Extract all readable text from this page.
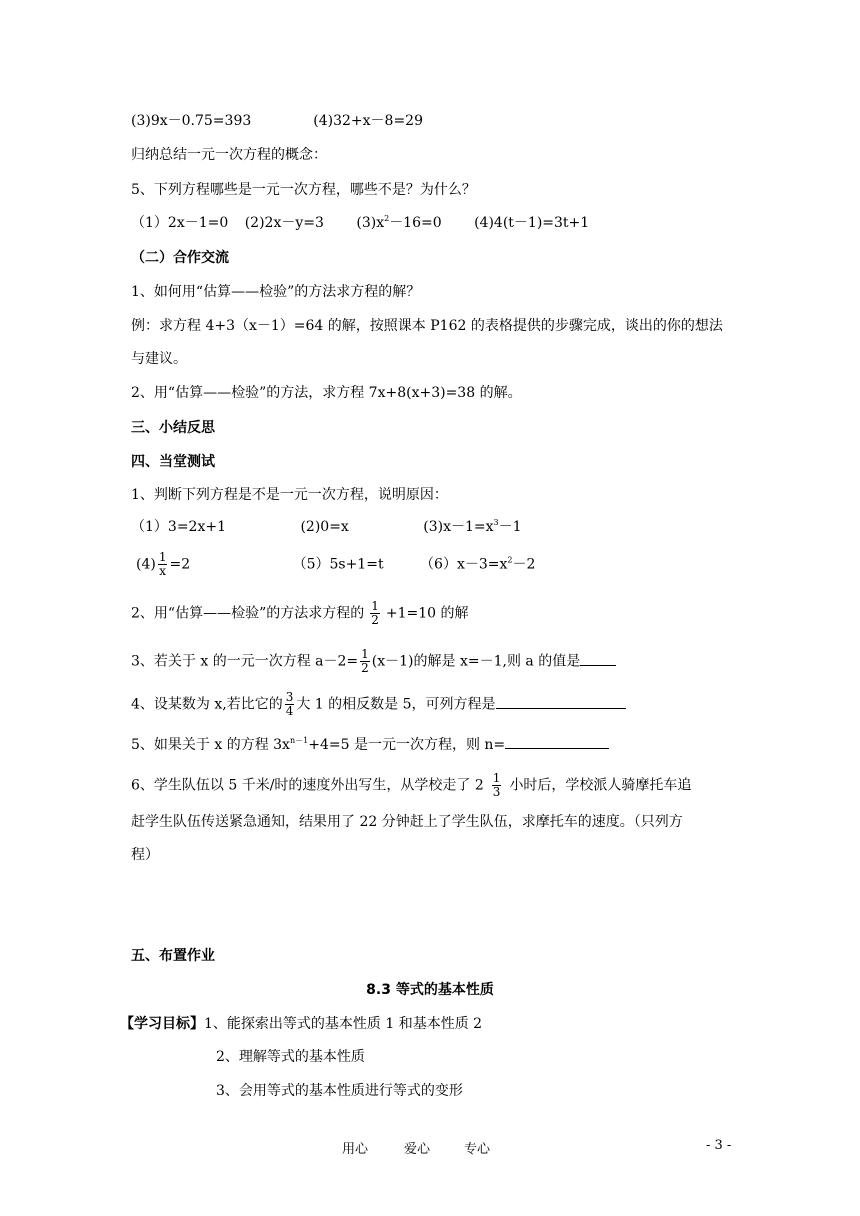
(3)9x－0.75=393	(4)32+x－8=29
归纳总结一元一次方程的概念：
5、下列方程哪些是一元一次方程，哪些不是？为什么？
（1）2x－1=0 (2)2x－y=3 $(3)x^2-16=0$ (4)4(t－1)=3t+1
（二）合作交流
1、如何用“估算——检验”的方法求方程的解？
例：求方程 4+3（x－1）=64 的解，按照课本 P162 的表格提供的步骤完成，谈出的你的想法
与建议。
2、用“估算——检验”的方法，求方程 7x+8(x+3)=38 的解。
三、小结反思
四、当堂测试
1、判断下列方程是不是一元一次方程，说明原因：
（1）3=2x+1	(2)0=x	$(3)x-1=x^3-1$
$(4) \frac{1}{x} =2$	（5）5s+1=t	$(6)x-3=x^2-2$
2、用“估算——检验”的方法求方程的 $\frac{1}{2} +1=10$ 的解
3、若关于 x 的一元一次方程 $a-2= \frac{1}{2} (x-1)$的解是 x=－1,则 a 的值是
4、设某数为 x,若比它的 $\frac{3}{4}$ 大 1 的相反数是 5，可列方程是
5、如果关于 x 的方程 $3x^{n-1}+4=5$ 是一元一次方程，则 n=
6、学生队伍以 5 千米/时的速度外出写生，从学校走了 $2 \frac{1}{3}$ 小时后，学校派人骑摩托车追
赶学生队伍传送紧急通知，结果用了 22 分钟赶上了学生队伍，求摩托车的速度。（只列方
程）
五、布置作业
8.3 等式的基本性质
【学习目标】1、能探索出等式的基本性质 1 和基本性质 2
2、理解等式的基本性质
3、会用等式的基本性质进行等式的变形
用心	爱心	专心	- 3 -
